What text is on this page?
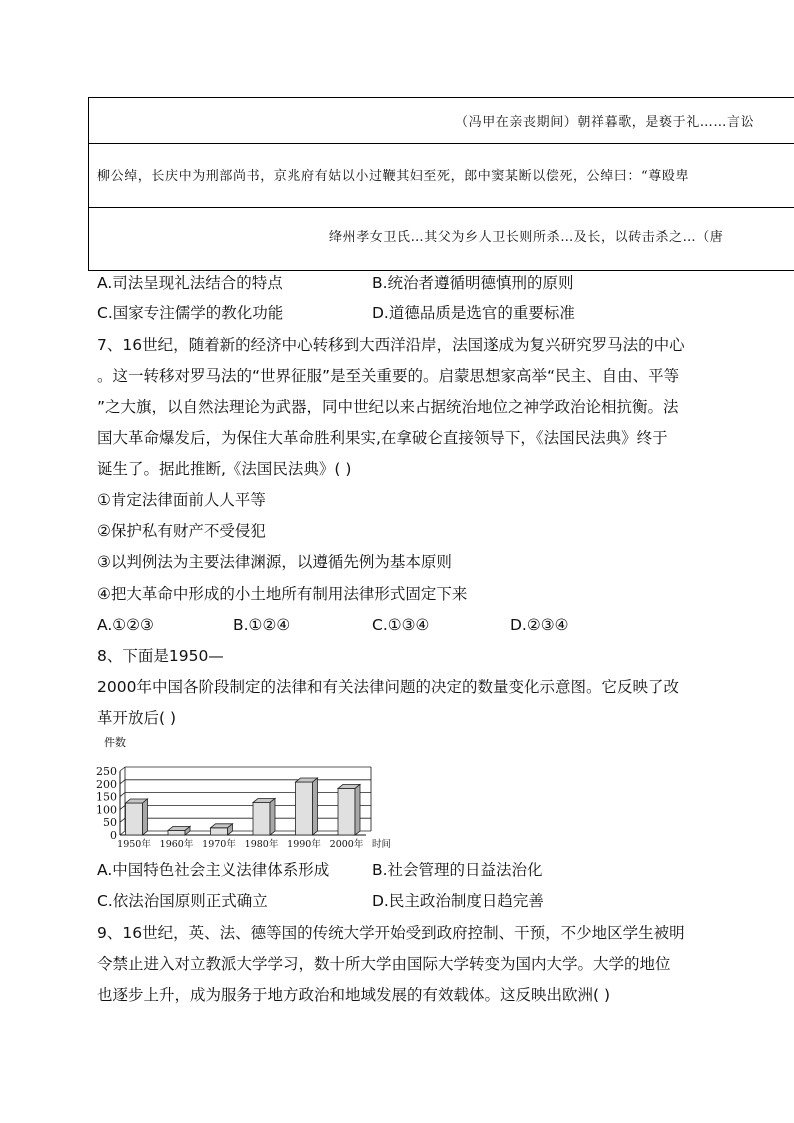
（冯甲在亲丧期间）朝祥暮歌，是亵于礼……言讼
柳公绰，长庆中为刑部尚书，京兆府有姑以小过鞭其妇至死，郎中窦某断以偿死，公绰曰：“尊殴卑
绛州孝女卫氏…其父为乡人卫长则所杀…及长，以砖击杀之…（唐
A.司法呈现礼法结合的特点	B.统治者遵循明德慎刑的原则
C.国家专注儒学的教化功能	D.道德品质是选官的重要标准
7、16世纪，随着新的经济中心转移到大西洋沿岸，法国遂成为复兴研究罗马法的中心
。这一转移对罗马法的“世界征服”是至关重要的。启蒙思想家高举“民主、自由、平等
”之大旗，以自然法理论为武器，同中世纪以来占据统治地位之神学政治论相抗衡。法
国大革命爆发后，为保住大革命胜利果实,在拿破仑直接领导下，《法国民法典》终于
诞生了。据此推断,《法国民法典》( )
①肯定法律面前人人平等
②保护私有财产不受侵犯
③以判例法为主要法律渊源，以遵循先例为基本原则
④把大革命中形成的小土地所有制用法律形式固定下来
A.①②③	B.①②④	C.①③④	D.②③④
8、下面是1950—
2000年中国各阶段制定的法律和有关法律问题的决定的数量变化示意图。它反映了改
革开放后( )
0
50
100
150
200
250
件数
1950年 1960年 1970年 1980年 1990年 2000年 时间
A.中国特色社会主义法律体系形成	B.社会管理的日益法治化
C.依法治国原则正式确立	D.民主政治制度日趋完善
9、16世纪，英、法、德等国的传统大学开始受到政府控制、干预，不少地区学生被明
令禁止进入对立教派大学学习，数十所大学由国际大学转变为国内大学。大学的地位
也逐步上升，成为服务于地方政治和地域发展的有效载体。这反映出欧洲( )
